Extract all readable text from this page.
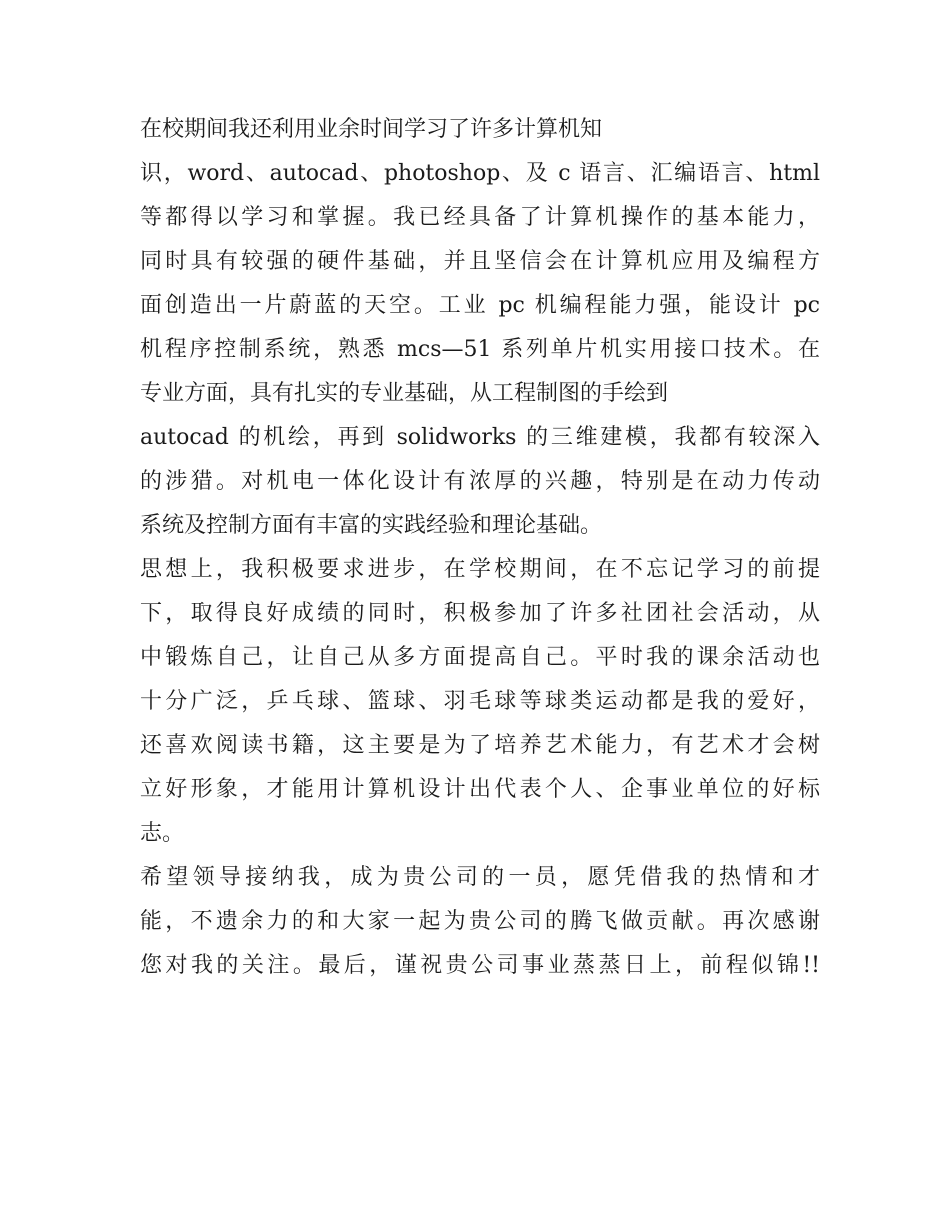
在校期间我还利用业余时间学习了许多计算机知
识，word、autocad、photoshop、及 c 语言、汇编语言、html
等都得以学习和掌握。我已经具备了计算机操作的基本能力，
同时具有较强的硬件基础，并且坚信会在计算机应用及编程方
面创造出一片蔚蓝的天空。工业 pc 机编程能力强，能设计 pc
机程序控制系统，熟悉 mcs—51 系列单片机实用接口技术。在
专业方面，具有扎实的专业基础，从工程制图的手绘到
autocad 的机绘，再到 solidworks 的三维建模，我都有较深入
的涉猎。对机电一体化设计有浓厚的兴趣，特别是在动力传动
系统及控制方面有丰富的实践经验和理论基础。
思想上，我积极要求进步，在学校期间，在不忘记学习的前提
下，取得良好成绩的同时，积极参加了许多社团社会活动，从
中锻炼自己，让自己从多方面提高自己。平时我的课余活动也
十分广泛，乒乓球、篮球、羽毛球等球类运动都是我的爱好，
还喜欢阅读书籍，这主要是为了培养艺术能力，有艺术才会树
立好形象，才能用计算机设计出代表个人、企事业单位的好标
志。
希望领导接纳我，成为贵公司的一员，愿凭借我的热情和才
能，不遗余力的和大家一起为贵公司的腾飞做贡献。再次感谢
您对我的关注。最后，谨祝贵公司事业蒸蒸日上，前程似锦!!
